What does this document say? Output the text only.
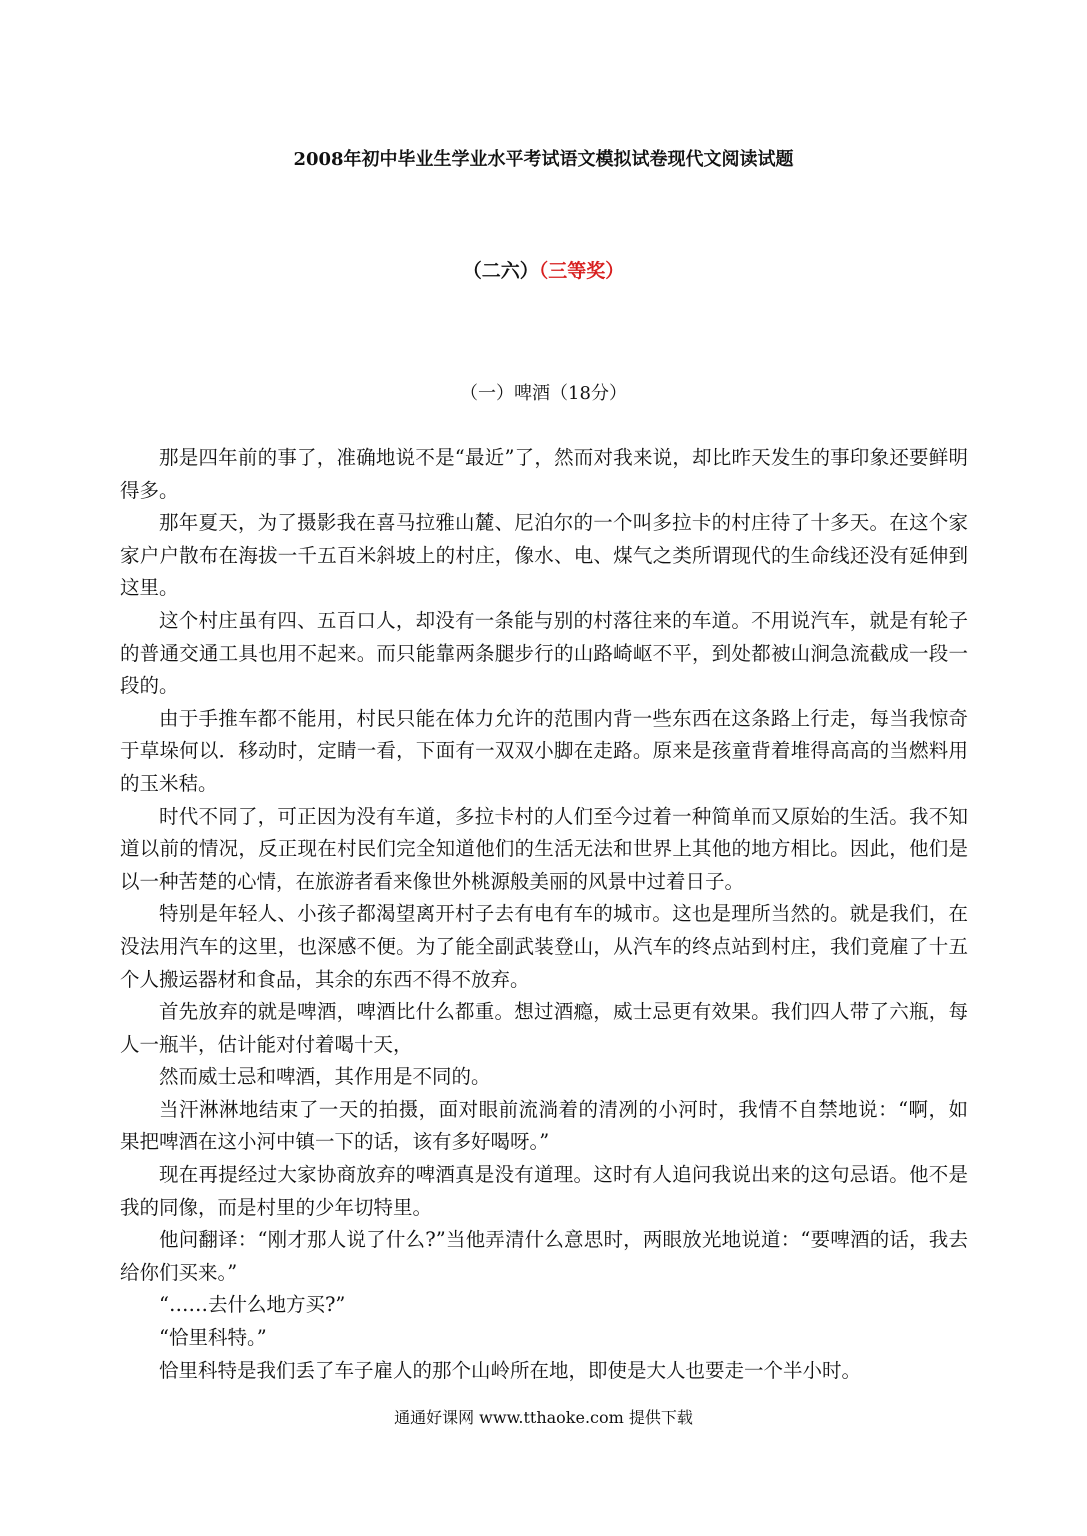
2008年初中毕业生学业水平考试语文模拟试卷现代文阅读试题
（二六）（三等奖）
（一）啤酒（18分）

那是四年前的事了，准确地说不是“最近”了，然而对我来说，却比昨天发生的事印象还要鲜明得多。

那年夏天，为了摄影我在喜马拉雅山麓、尼泊尔的一个叫多拉卡的村庄待了十多天。在这个家家户户散布在海拔一千五百米斜坡上的村庄，像水、电、煤气之类所谓现代的生命线还没有延伸到这里。

这个村庄虽有四、五百口人，却没有一条能与别的村落往来的车道。不用说汽车，就是有轮子的普通交通工具也用不起来。而只能靠两条腿步行的山路崎岖不平，到处都被山涧急流截成一段一段的。

由于手推车都不能用，村民只能在体力允许的范围内背一些东西在这条路上行走，每当我惊奇于草垛何以．移动时，定睛一看，下面有一双双小脚在走路。原来是孩童背着堆得高高的当燃料用的玉米秸。

时代不同了，可正因为没有车道，多拉卡村的人们至今过着一种简单而又原始的生活。我不知道以前的情况，反正现在村民们完全知道他们的生活无法和世界上其他的地方相比。因此，他们是以一种苦楚的心情，在旅游者看来像世外桃源般美丽的风景中过着日子。

特别是年轻人、小孩子都渴望离开村子去有电有车的城市。这也是理所当然的。就是我们，在没法用汽车的这里，也深感不便。为了能全副武装登山，从汽车的终点站到村庄，我们竟雇了十五个人搬运器材和食品，其余的东西不得不放弃。

首先放弃的就是啤酒，啤酒比什么都重。想过酒瘾，威士忌更有效果。我们四人带了六瓶，每人一瓶半，估计能对付着喝十天，

然而威士忌和啤酒，其作用是不同的。

当汗淋淋地结束了一天的拍摄，面对眼前流淌着的清冽的小河时，我情不自禁地说：“啊，如果把啤酒在这小河中镇一下的话，该有多好喝呀。”

现在再提经过大家协商放弃的啤酒真是没有道理。这时有人追问我说出来的这句忌语。他不是我的同像，而是村里的少年切特里。

他问翻译：“刚才那人说了什么?”当他弄清什么意思时，两眼放光地说道：“要啤酒的话，我去给你们买来。”

“……去什么地方买?”

“恰里科特。”

恰里科特是我们丢了车子雇人的那个山岭所在地，即使是大人也要走一个半小时。

通通好课网 www.tthaoke.com 提供下载
